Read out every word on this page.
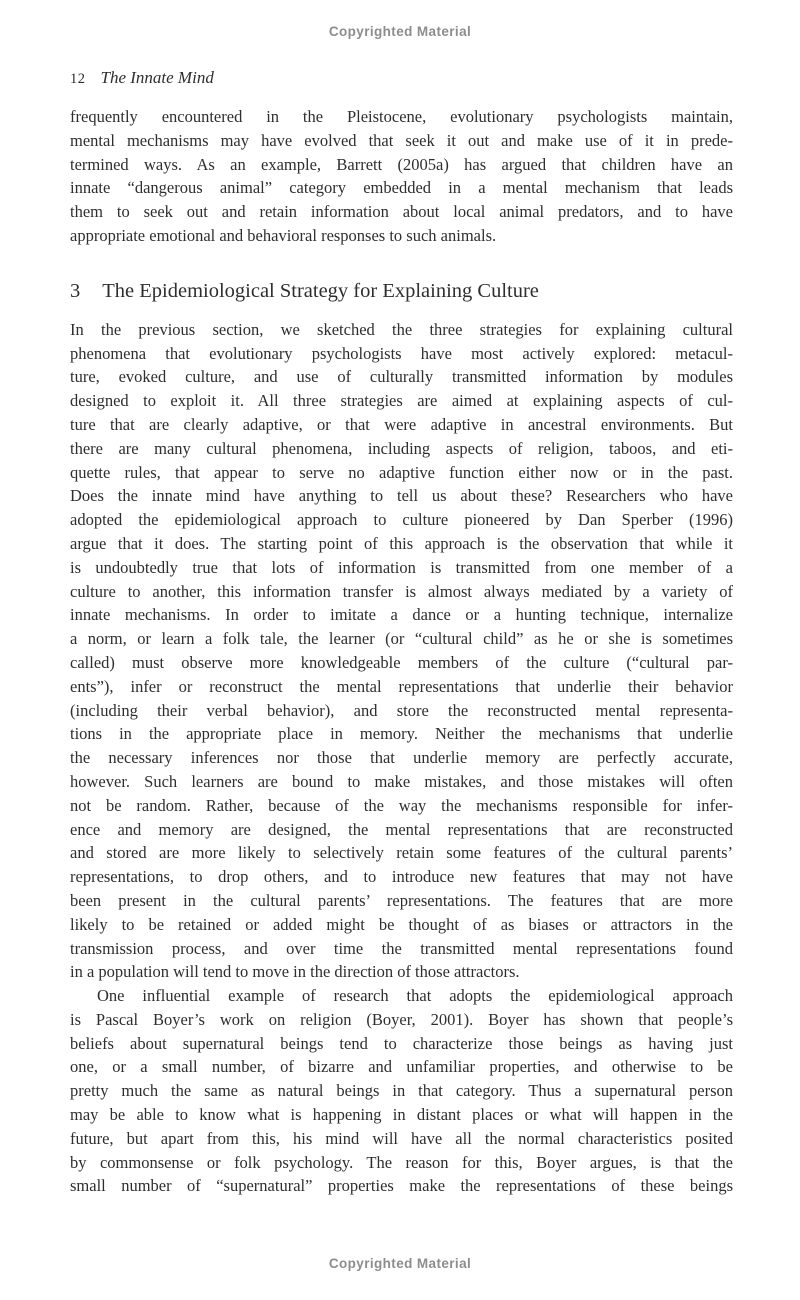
Copyrighted Material
12 The Innate Mind

frequently encountered in the Pleistocene, evolutionary psychologists maintain,
mental mechanisms may have evolved that seek it out and make use of it in prede-
termined ways. As an example, Barrett (2005a) has argued that children have an
innate “dangerous animal” category embedded in a mental mechanism that leads
them to seek out and retain information about local animal predators, and to have
appropriate emotional and behavioral responses to such animals.

3 The Epidemiological Strategy for Explaining Culture

In the previous section, we sketched the three strategies for explaining cultural
phenomena that evolutionary psychologists have most actively explored: metacul-
ture, evoked culture, and use of culturally transmitted information by modules
designed to exploit it. All three strategies are aimed at explaining aspects of cul-
ture that are clearly adaptive, or that were adaptive in ancestral environments. But
there are many cultural phenomena, including aspects of religion, taboos, and eti-
quette rules, that appear to serve no adaptive function either now or in the past.
Does the innate mind have anything to tell us about these? Researchers who have
adopted the epidemiological approach to culture pioneered by Dan Sperber (1996)
argue that it does. The starting point of this approach is the observation that while it
is undoubtedly true that lots of information is transmitted from one member of a
culture to another, this information transfer is almost always mediated by a variety of
innate mechanisms. In order to imitate a dance or a hunting technique, internalize
a norm, or learn a folk tale, the learner (or “cultural child” as he or she is sometimes
called) must observe more knowledgeable members of the culture (“cultural par-
ents”), infer or reconstruct the mental representations that underlie their behavior
(including their verbal behavior), and store the reconstructed mental representa-
tions in the appropriate place in memory. Neither the mechanisms that underlie
the necessary inferences nor those that underlie memory are perfectly accurate,
however. Such learners are bound to make mistakes, and those mistakes will often
not be random. Rather, because of the way the mechanisms responsible for infer-
ence and memory are designed, the mental representations that are reconstructed
and stored are more likely to selectively retain some features of the cultural parents’
representations, to drop others, and to introduce new features that may not have
been present in the cultural parents’ representations. The features that are more
likely to be retained or added might be thought of as biases or attractors in the
transmission process, and over time the transmitted mental representations found
in a population will tend to move in the direction of those attractors.

One influential example of research that adopts the epidemiological approach
is Pascal Boyer’s work on religion (Boyer, 2001). Boyer has shown that people’s
beliefs about supernatural beings tend to characterize those beings as having just
one, or a small number, of bizarre and unfamiliar properties, and otherwise to be
pretty much the same as natural beings in that category. Thus a supernatural person
may be able to know what is happening in distant places or what will happen in the
future, but apart from this, his mind will have all the normal characteristics posited
by commonsense or folk psychology. The reason for this, Boyer argues, is that the
small number of “supernatural” properties make the representations of these beings

Copyrighted Material
